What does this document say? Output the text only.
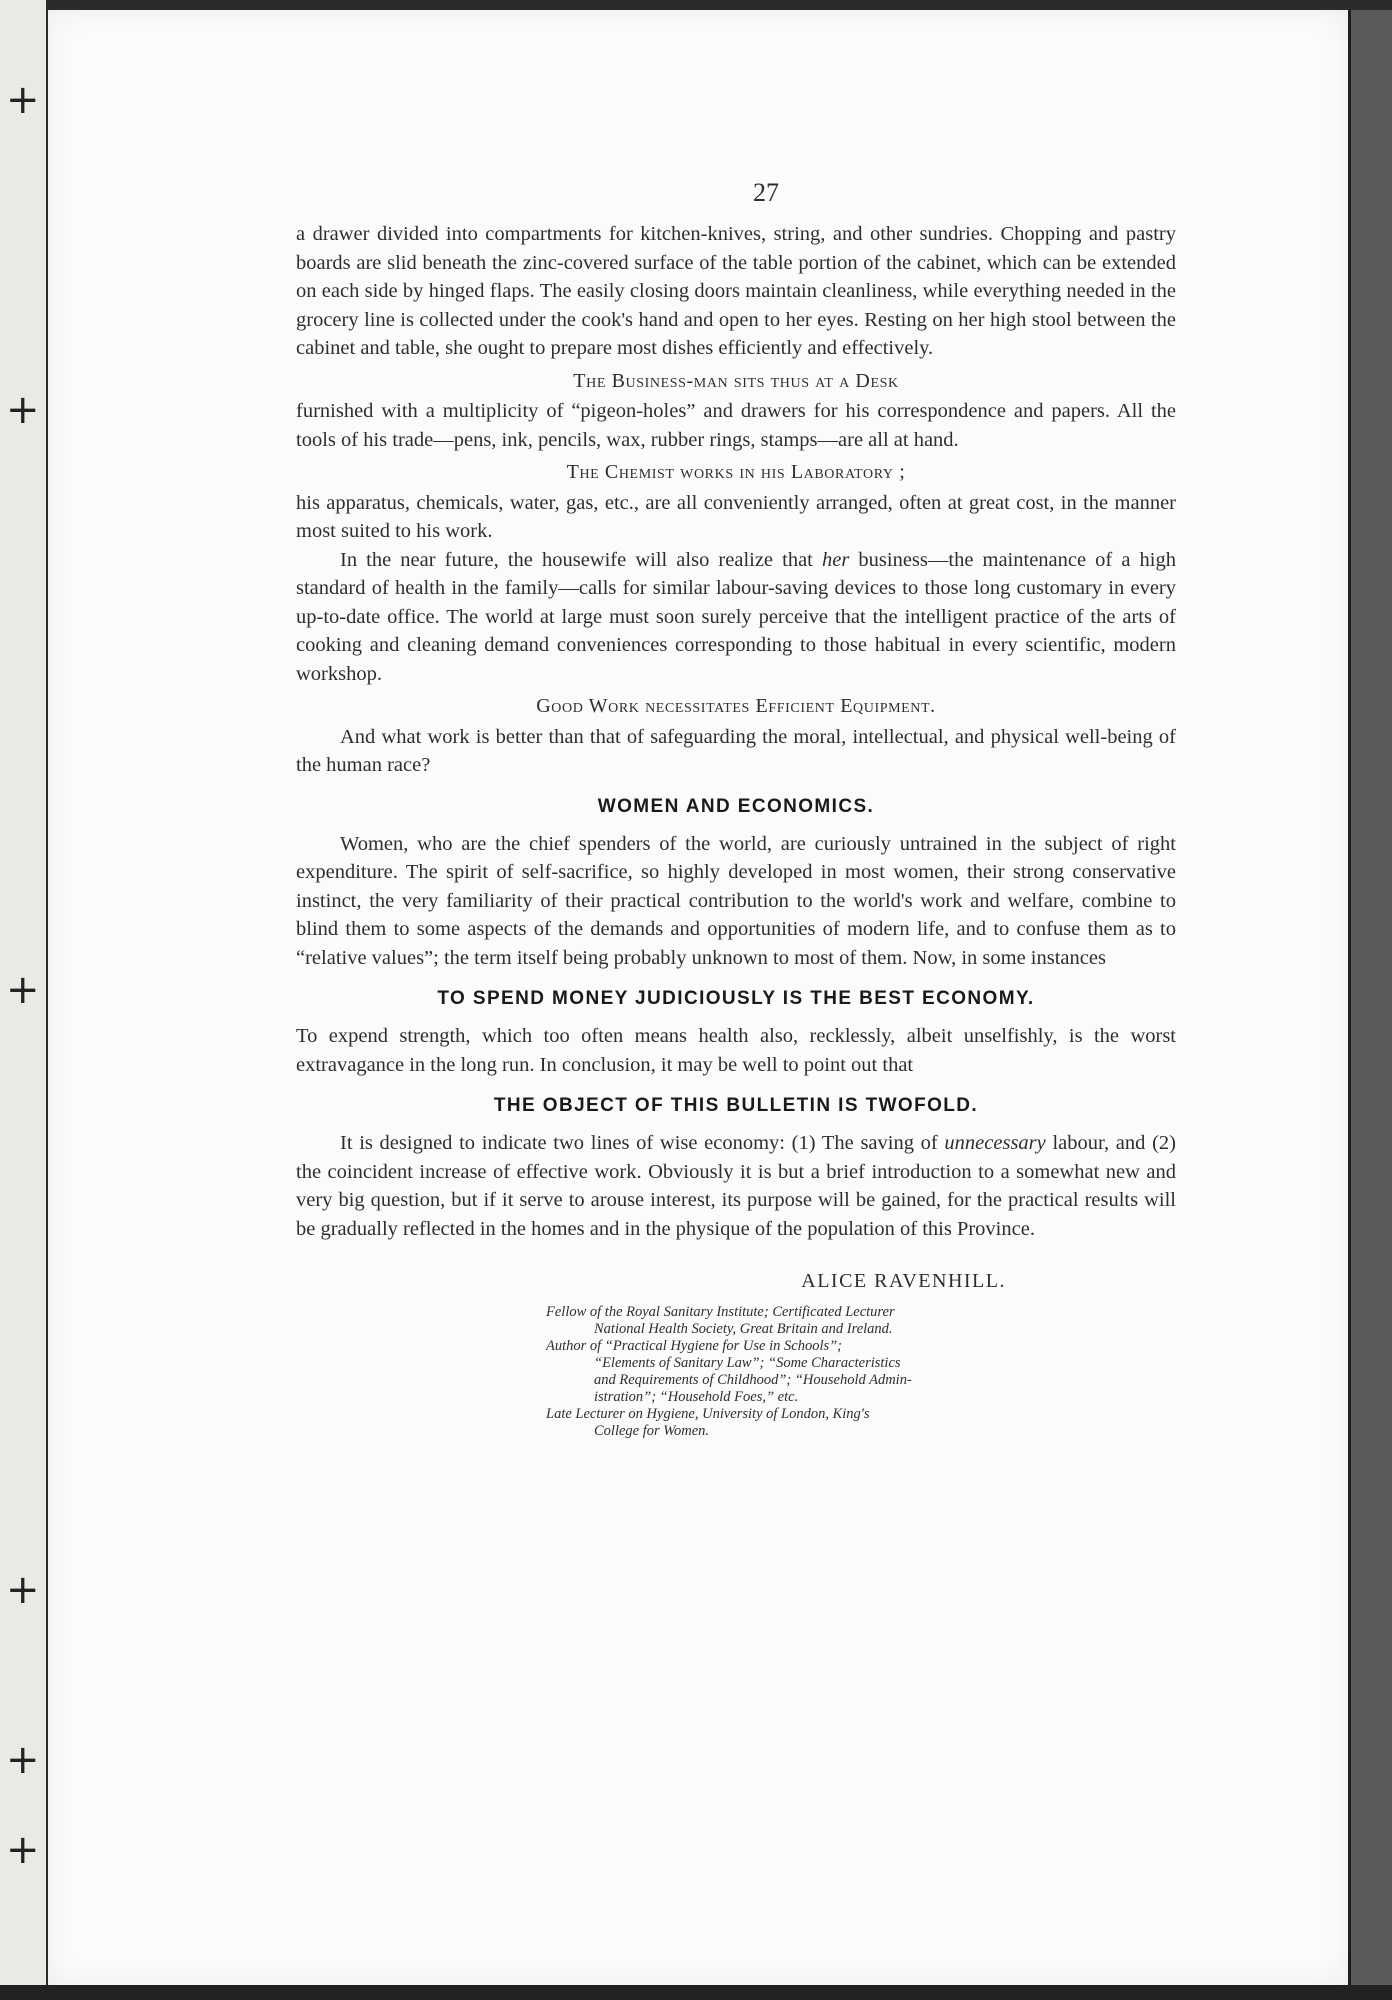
+
+
+
+
+
+
27

a drawer divided into compartments for kitchen-knives, string, and other sundries. Chopping and pastry boards are slid beneath the zinc-covered surface of the table portion of the cabinet, which can be extended on each side by hinged flaps. The easily closing doors maintain cleanliness, while everything needed in the grocery line is collected under the cook's hand and open to her eyes. Resting on her high stool between the cabinet and table, she ought to prepare most dishes efficiently and effectively.

The Business-man sits thus at a Desk

furnished with a multiplicity of “pigeon-holes” and drawers for his correspondence and papers. All the tools of his trade—pens, ink, pencils, wax, rubber rings, stamps—are all at hand.

The Chemist works in his Laboratory ;

his apparatus, chemicals, water, gas, etc., are all conveniently arranged, often at great cost, in the manner most suited to his work.

In the near future, the housewife will also realize that her business—the maintenance of a high standard of health in the family—calls for similar labour-saving devices to those long customary in every up-to-date office. The world at large must soon surely perceive that the intelligent practice of the arts of cooking and cleaning demand conveniences corresponding to those habitual in every scientific, modern workshop.

Good Work necessitates Efficient Equipment.

And what work is better than that of safeguarding the moral, intellectual, and physical well-being of the human race?

WOMEN AND ECONOMICS.

Women, who are the chief spenders of the world, are curiously untrained in the subject of right expenditure. The spirit of self-sacrifice, so highly developed in most women, their strong conservative instinct, the very familiarity of their practical contribution to the world's work and welfare, combine to blind them to some aspects of the demands and opportunities of modern life, and to confuse them as to “relative values”; the term itself being probably unknown to most of them. Now, in some instances

TO SPEND MONEY JUDICIOUSLY IS THE BEST ECONOMY.

To expend strength, which too often means health also, recklessly, albeit unselfishly, is the worst extravagance in the long run. In conclusion, it may be well to point out that

THE OBJECT OF THIS BULLETIN IS TWOFOLD.

It is designed to indicate two lines of wise economy: (1) The saving of unnecessary labour, and (2) the coincident increase of effective work. Obviously it is but a brief introduction to a somewhat new and very big question, but if it serve to arouse interest, its purpose will be gained, for the practical results will be gradually reflected in the homes and in the physique of the population of this Province.

ALICE RAVENHILL.
Fellow of the Royal Sanitary Institute; Certificated Lecturer
National Health Society, Great Britain and Ireland.
Author of “Practical Hygiene for Use in Schools”;
“Elements of Sanitary Law”; “Some Characteristics
and Requirements of Childhood”; “Household Admin-
istration”; “Household Foes,” etc.
Late Lecturer on Hygiene, University of London, King's
College for Women.
